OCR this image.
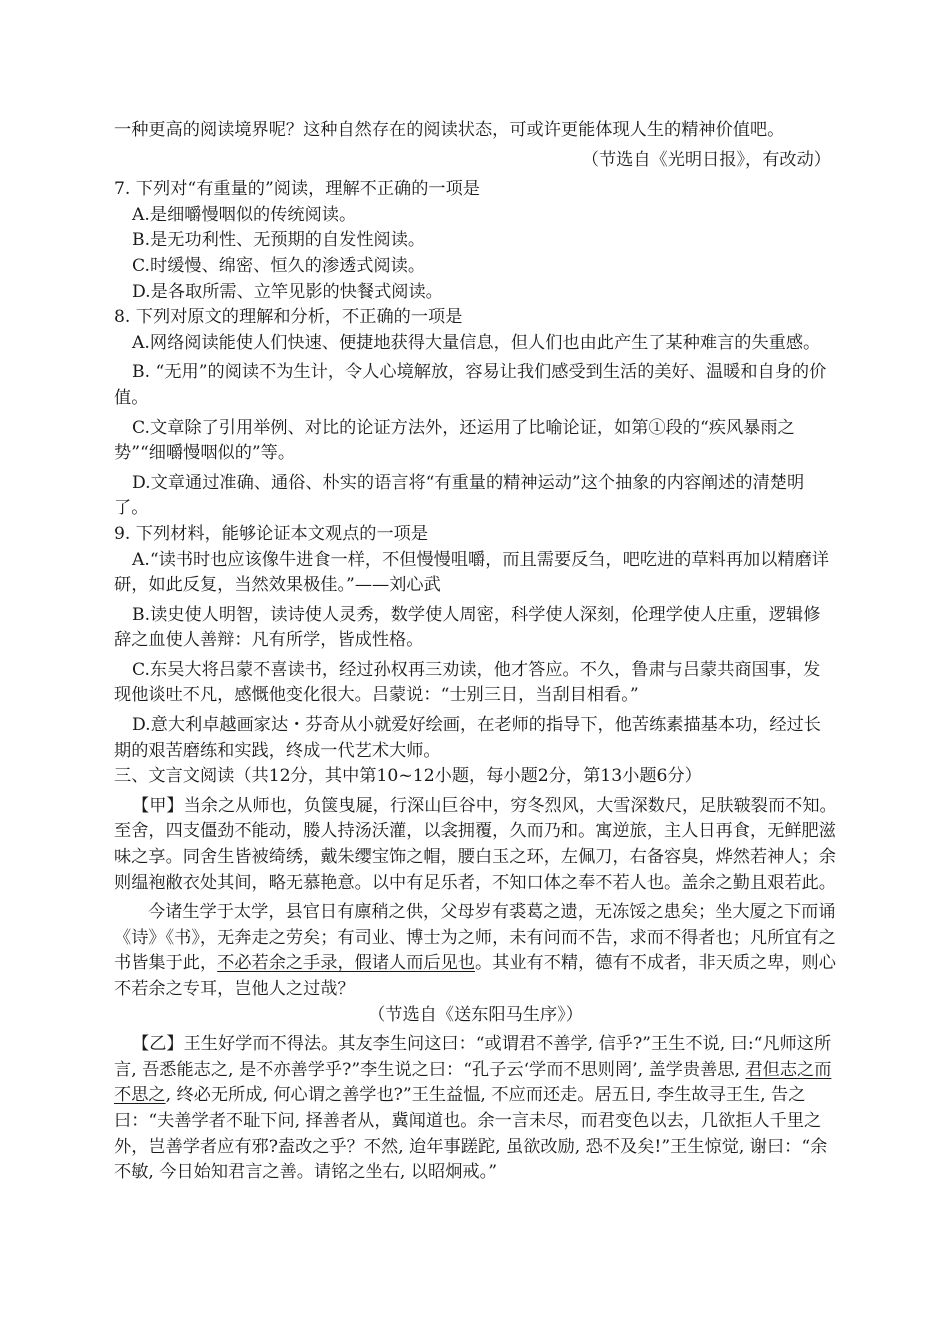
一种更高的阅读境界呢？这种自然存在的阅读状态，可或许更能体现人生的精神价值吧。

（节选自《光明日报》，有改动）

7. 下列对“有重量的”阅读，理解不正确的一项是

A.是细嚼慢咽似的传统阅读。

B.是无功利性、无预期的自发性阅读。

C.时缓慢、绵密、恒久的渗透式阅读。

D.是各取所需、立竿见影的快餐式阅读。

8. 下列对原文的理解和分析，不正确的一项是

A.网络阅读能使人们快速、便捷地获得大量信息，但人们也由此产生了某种难言的失重感。

B. “无用”的阅读不为生计，令人心境解放，容易让我们感受到生活的美好、温暖和自身的价值。

C.文章除了引用举例、对比的论证方法外，还运用了比喻论证，如第①段的“疾风暴雨之势”“细嚼慢咽似的”等。

D.文章通过准确、通俗、朴实的语言将“有重量的精神运动”这个抽象的内容阐述的清楚明了。

9. 下列材料，能够论证本文观点的一项是

A.“读书时也应该像牛进食一样，不但慢慢咀嚼，而且需要反刍，吧吃进的草料再加以精磨详研，如此反复，当然效果极佳。”——刘心武

B.读史使人明智，读诗使人灵秀，数学使人周密，科学使人深刻，伦理学使人庄重，逻辑修辞之血使人善辩：凡有所学，皆成性格。

C.东吴大将吕蒙不喜读书，经过孙权再三劝读，他才答应。不久，鲁肃与吕蒙共商国事，发现他谈吐不凡，感慨他变化很大。吕蒙说：“士别三日，当刮目相看。”

D.意大利卓越画家达・芬奇从小就爱好绘画，在老师的指导下，他苦练素描基本功，经过长期的艰苦磨练和实践，终成一代艺术大师。

三、文言文阅读（共12分，其中第10~12小题，每小题2分，第13小题6分）

【甲】当余之从师也，负箧曳屣，行深山巨谷中，穷冬烈风，大雪深数尺，足肤皲裂而不知。至舍，四支僵劲不能动，媵人持汤沃灌，以衾拥覆，久而乃和。寓逆旅，主人日再食，无鲜肥滋味之享。同舍生皆被绮绣，戴朱缨宝饰之帽，腰白玉之环，左佩刀，右备容臭，烨然若神人；余则缊袍敝衣处其间，略无慕艳意。以中有足乐者，不知口体之奉不若人也。盖余之勤且艰若此。

今诸生学于太学，县官日有廪稍之供，父母岁有裘葛之遗，无冻馁之患矣；坐大厦之下而诵《诗》《书》，无奔走之劳矣；有司业、博士为之师，未有问而不告，求而不得者也；凡所宜有之书皆集于此，不必若余之手录，假诸人而后见也。其业有不精，德有不成者，非天质之卑，则心不若余之专耳，岂他人之过哉？

（节选自《送东阳马生序》）

【乙】王生好学而不得法。其友李生问这曰：“或谓君不善学, 信乎?”王生不说, 曰:“凡师这所言, 吾悉能志之, 是不亦善学乎?”李生说之曰：“孔子云‘学而不思则罔’, 盖学贵善思, 君但志之而不思之, 终必无所成, 何心谓之善学也?”王生益愠, 不应而还走。居五日, 李生故寻王生, 告之曰：“夫善学者不耻下问, 择善者从，冀闻道也。余一言未尽，而君变色以去，几欲拒人千里之外，岂善学者应有邪?盍改之乎？不然, 迨年事蹉跎, 虽欲改励, 恐不及矣!”王生惊觉, 谢曰：“余不敏, 今日始知君言之善。请铭之坐右, 以昭炯戒。”
